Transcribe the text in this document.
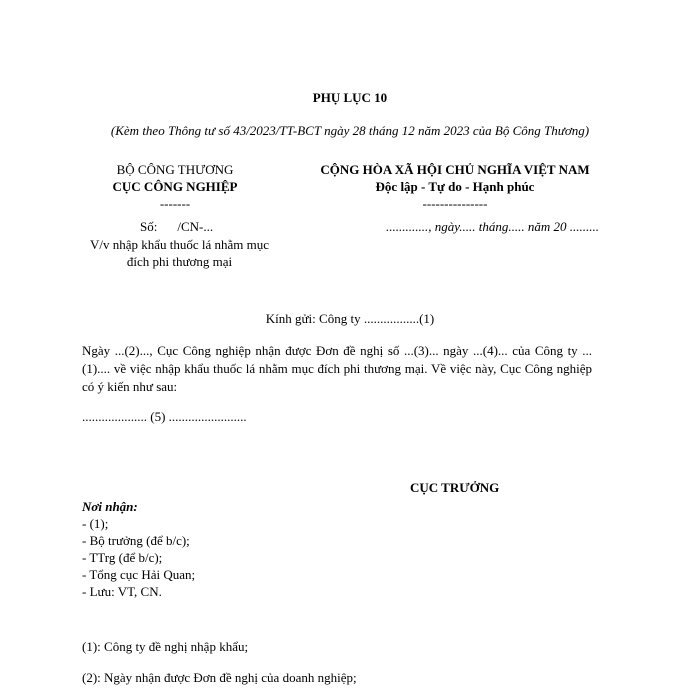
PHỤ LỤC 10
(Kèm theo Thông tư số 43/2023/TT-BCT ngày 28 tháng 12 năm 2023 của Bộ Công Thương)
BỘ CÔNG THƯƠNG
CỤC CÔNG NGHIỆP
-------
CỘNG HÒA XÃ HỘI CHỦ NGHĨA VIỆT NAM
Độc lập - Tự do - Hạnh phúc
---------------
Số: /CN-...	............., ngày..... tháng..... năm 20 .........
V/v nhập khẩu thuốc lá nhằm mục đích phi thương mại
Kính gửi: Công ty .................(1)
Ngày ...(2)..., Cục Công nghiệp nhận được Đơn đề nghị số ...(3)... ngày ...(4)... của Công ty ...(1).... về việc nhập khẩu thuốc lá nhằm mục đích phi thương mại. Về việc này, Cục Công nghiệp có ý kiến như sau:
.................... (5) ........................
CỤC TRƯỞNG
Nơi nhận:
- (1);
- Bộ trưởng (để b/c);
- TTrg (để b/c);
- Tổng cục Hải Quan;
- Lưu: VT, CN.
(1): Công ty đề nghị nhập khẩu;
(2): Ngày nhận được Đơn đề nghị của doanh nghiệp;
